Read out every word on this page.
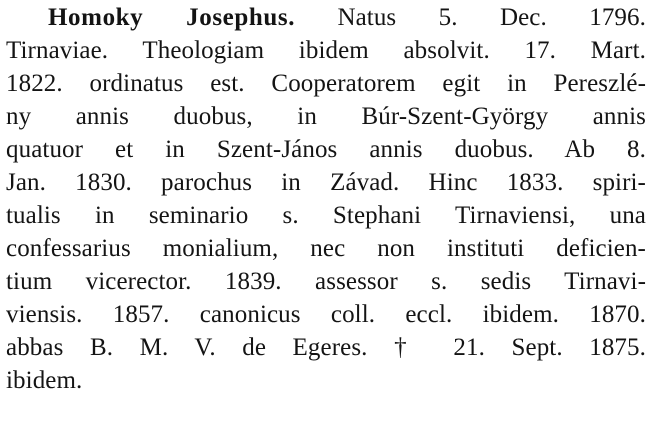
Homoky Josephus. Natus 5. Dec. 1796.
Tirnaviae. Theologiam ibidem absolvit. 17. Mart.
1822. ordinatus est. Cooperatorem egit in Pereszlé-
ny annis duobus, in Búr-Szent-György annis
quatuor et in Szent-János annis duobus. Ab 8.
Jan. 1830. parochus in Závad. Hinc 1833. spiri-
tualis in seminario s. Stephani Tirnaviensi, una
confessarius monialium, nec non instituti deficien-
tium vicerector. 1839. assessor s. sedis Tirnavi-
viensis. 1857. canonicus coll. eccl. ibidem. 1870.
abbas B. M. V. de Egeres. † 21. Sept. 1875.
ibidem.
